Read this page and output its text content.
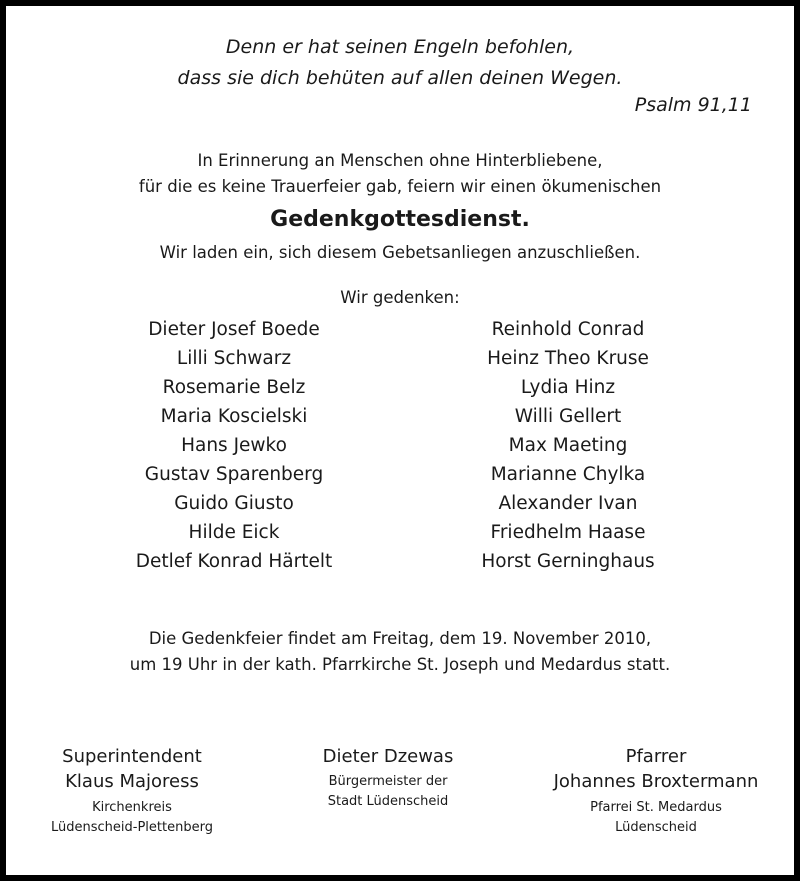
Denn er hat seinen Engeln befohlen,
dass sie dich behüten auf allen deinen Wegen.
Psalm 91,11
In Erinnerung an Menschen ohne Hinterbliebene,
für die es keine Trauerfeier gab, feiern wir einen ökumenischen
Gedenkgottesdienst.
Wir laden ein, sich diesem Gebetsanliegen anzuschließen.
Wir gedenken:
Dieter Josef Boede
Lilli Schwarz
Rosemarie Belz
Maria Koscielski
Hans Jewko
Gustav Sparenberg
Guido Giusto
Hilde Eick
Detlef Konrad Härtelt
Reinhold Conrad
Heinz Theo Kruse
Lydia Hinz
Willi Gellert
Max Maeting
Marianne Chylka
Alexander Ivan
Friedhelm Haase
Horst Gerninghaus
Die Gedenkfeier findet am Freitag, dem 19. November 2010,
um 19 Uhr in der kath. Pfarrkirche St. Joseph und Medardus statt.
Superintendent
Klaus Majoress
Kirchenkreis
Lüdenscheid-Plettenberg
Dieter Dzewas
Bürgermeister der
Stadt Lüdenscheid
Pfarrer
Johannes Broxtermann
Pfarrei St. Medardus
Lüdenscheid
